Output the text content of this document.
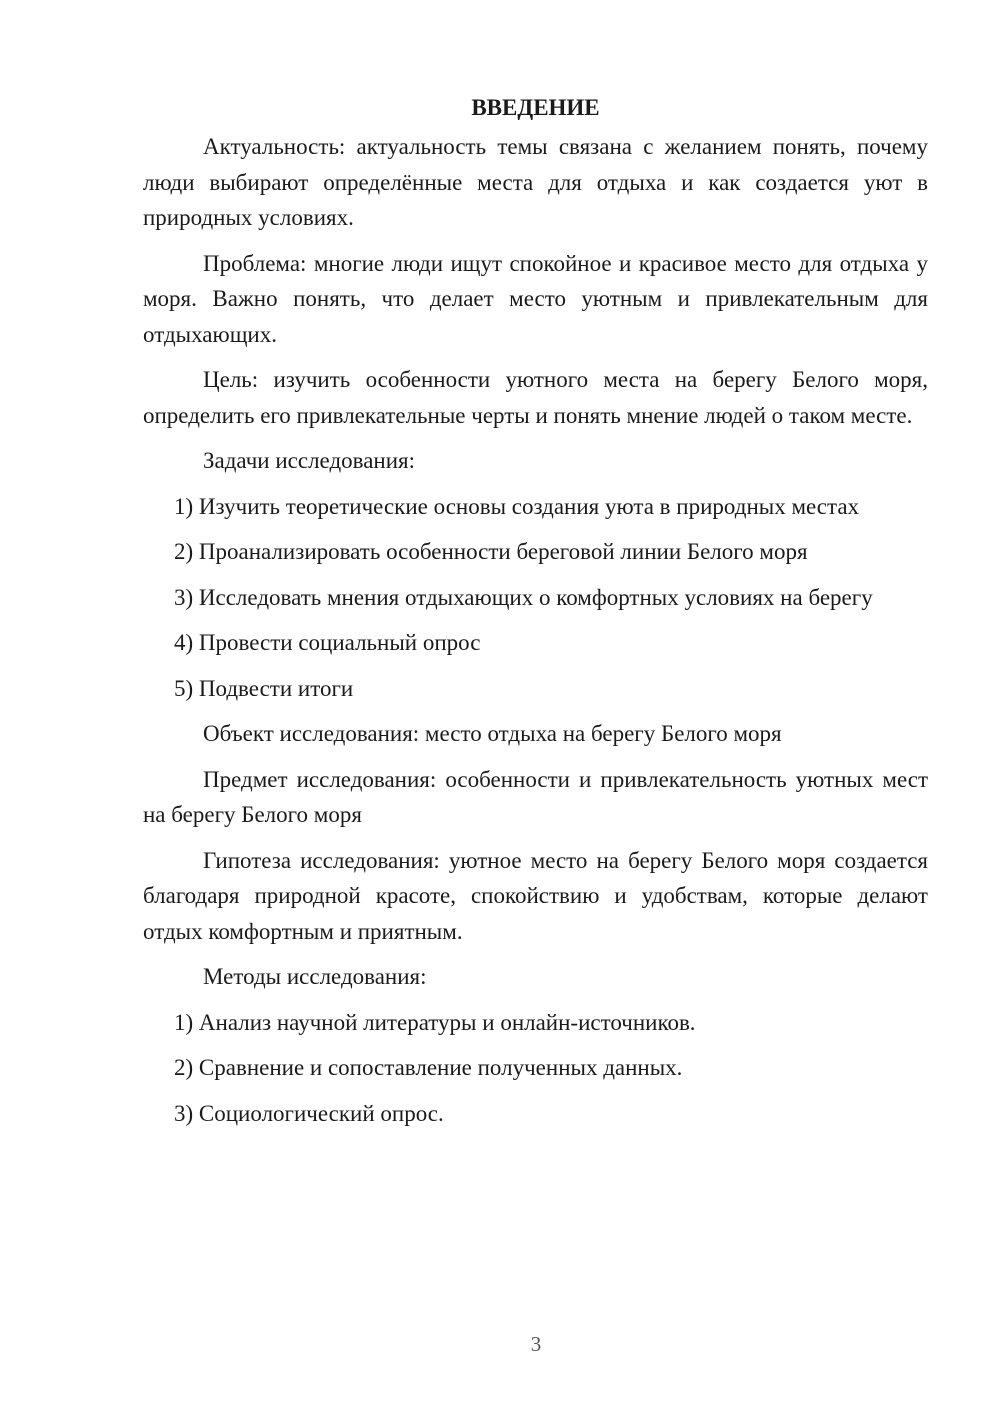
ВВЕДЕНИЕ

Актуальность: актуальность темы связана с желанием понять, почему люди выбирают определённые места для отдыха и как создается уют в природных условиях.

Проблема: многие люди ищут спокойное и красивое место для отдыха у моря. Важно понять, что делает место уютным и привлекательным для отдыхающих.

Цель: изучить особенности уютного места на берегу Белого моря, определить его привлекательные черты и понять мнение людей о таком месте.

Задачи исследования:

1) Изучить теоретические основы создания уюта в природных местах

2) Проанализировать особенности береговой линии Белого моря

3) Исследовать мнения отдыхающих о комфортных условиях на берегу

4) Провести социальный опрос

5) Подвести итоги

Объект исследования: место отдыха на берегу Белого моря

Предмет исследования: особенности и привлекательность уютных мест на берегу Белого моря

Гипотеза исследования: уютное место на берегу Белого моря создается благодаря природной красоте, спокойствию и удобствам, которые делают отдых комфортным и приятным.

Методы исследования:

1) Анализ научной литературы и онлайн-источников.

2) Сравнение и сопоставление полученных данных.

3) Социологический опрос.

3
